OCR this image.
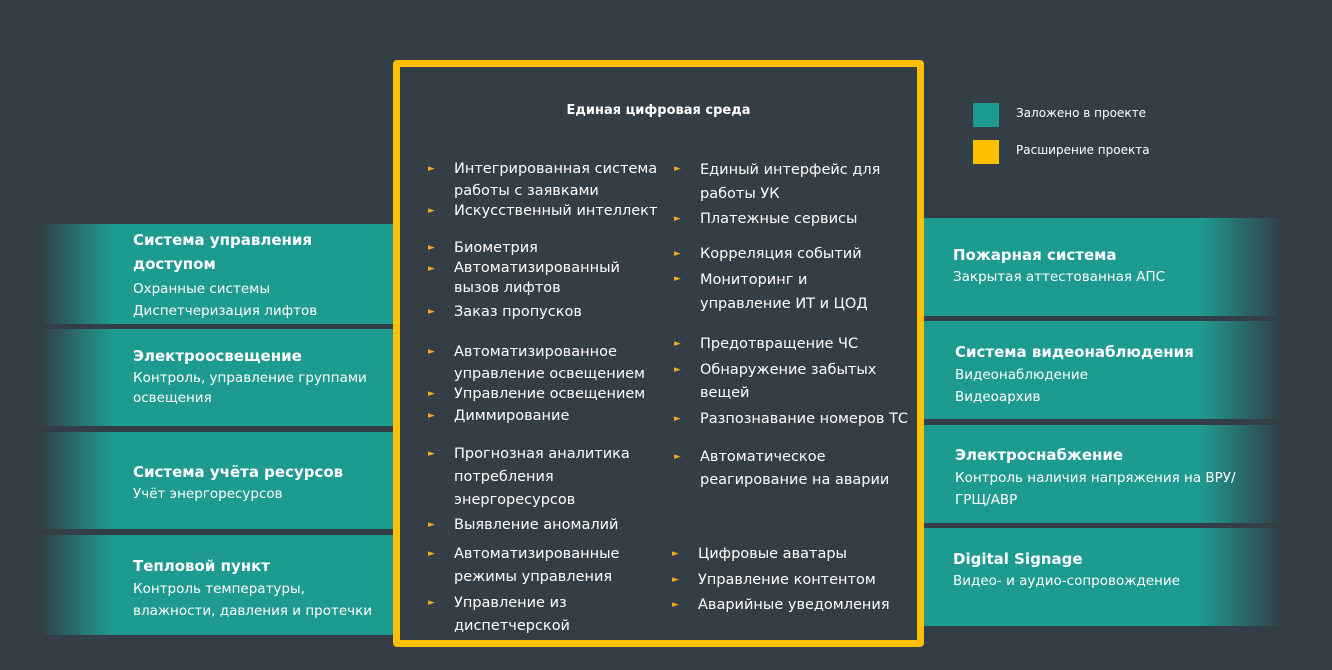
Система управления доступом
Охранные системы
Диспетчеризация лифтов
Электроосвещение
Контроль, управление группами освещения
Система учёта ресурсов
Учёт энергоресурсов
Тепловой пункт
Контроль температуры, влажности, давления и протечки
Пожарная система
Закрытая аттестованная АПС
Система видеонаблюдения
Видеонаблюдение
Видеоархив
Электроснабжение
Контроль наличия напряжения на ВРУ/ГРЩ/АВР
Digital Signage
Видео- и аудио-сопровождение
Единая цифровая среда
► Интегрированная система работы с заявками
► Искусственный интеллект
► Биометрия
► Автоматизированный вызов лифтов
► Заказ пропусков
► Автоматизированное управление освещением
► Управление освещением
► Диммирование
► Прогнозная аналитика потребления энергоресурсов
► Выявление аномалий
► Автоматизированные режимы управления
► Управление из диспетчерской
► Единый интерфейс для работы УК
► Платежные сервисы
► Корреляция событий
► Мониторинг и управление ИТ и ЦОД
► Предотвращение ЧС
► Обнаружение забытых вещей
► Разпознавание номеров ТС
► Автоматическое реагирование на аварии
► Цифровые аватары
► Управление контентом
► Аварийные уведомления
Заложено в проекте
Расширение проекта
